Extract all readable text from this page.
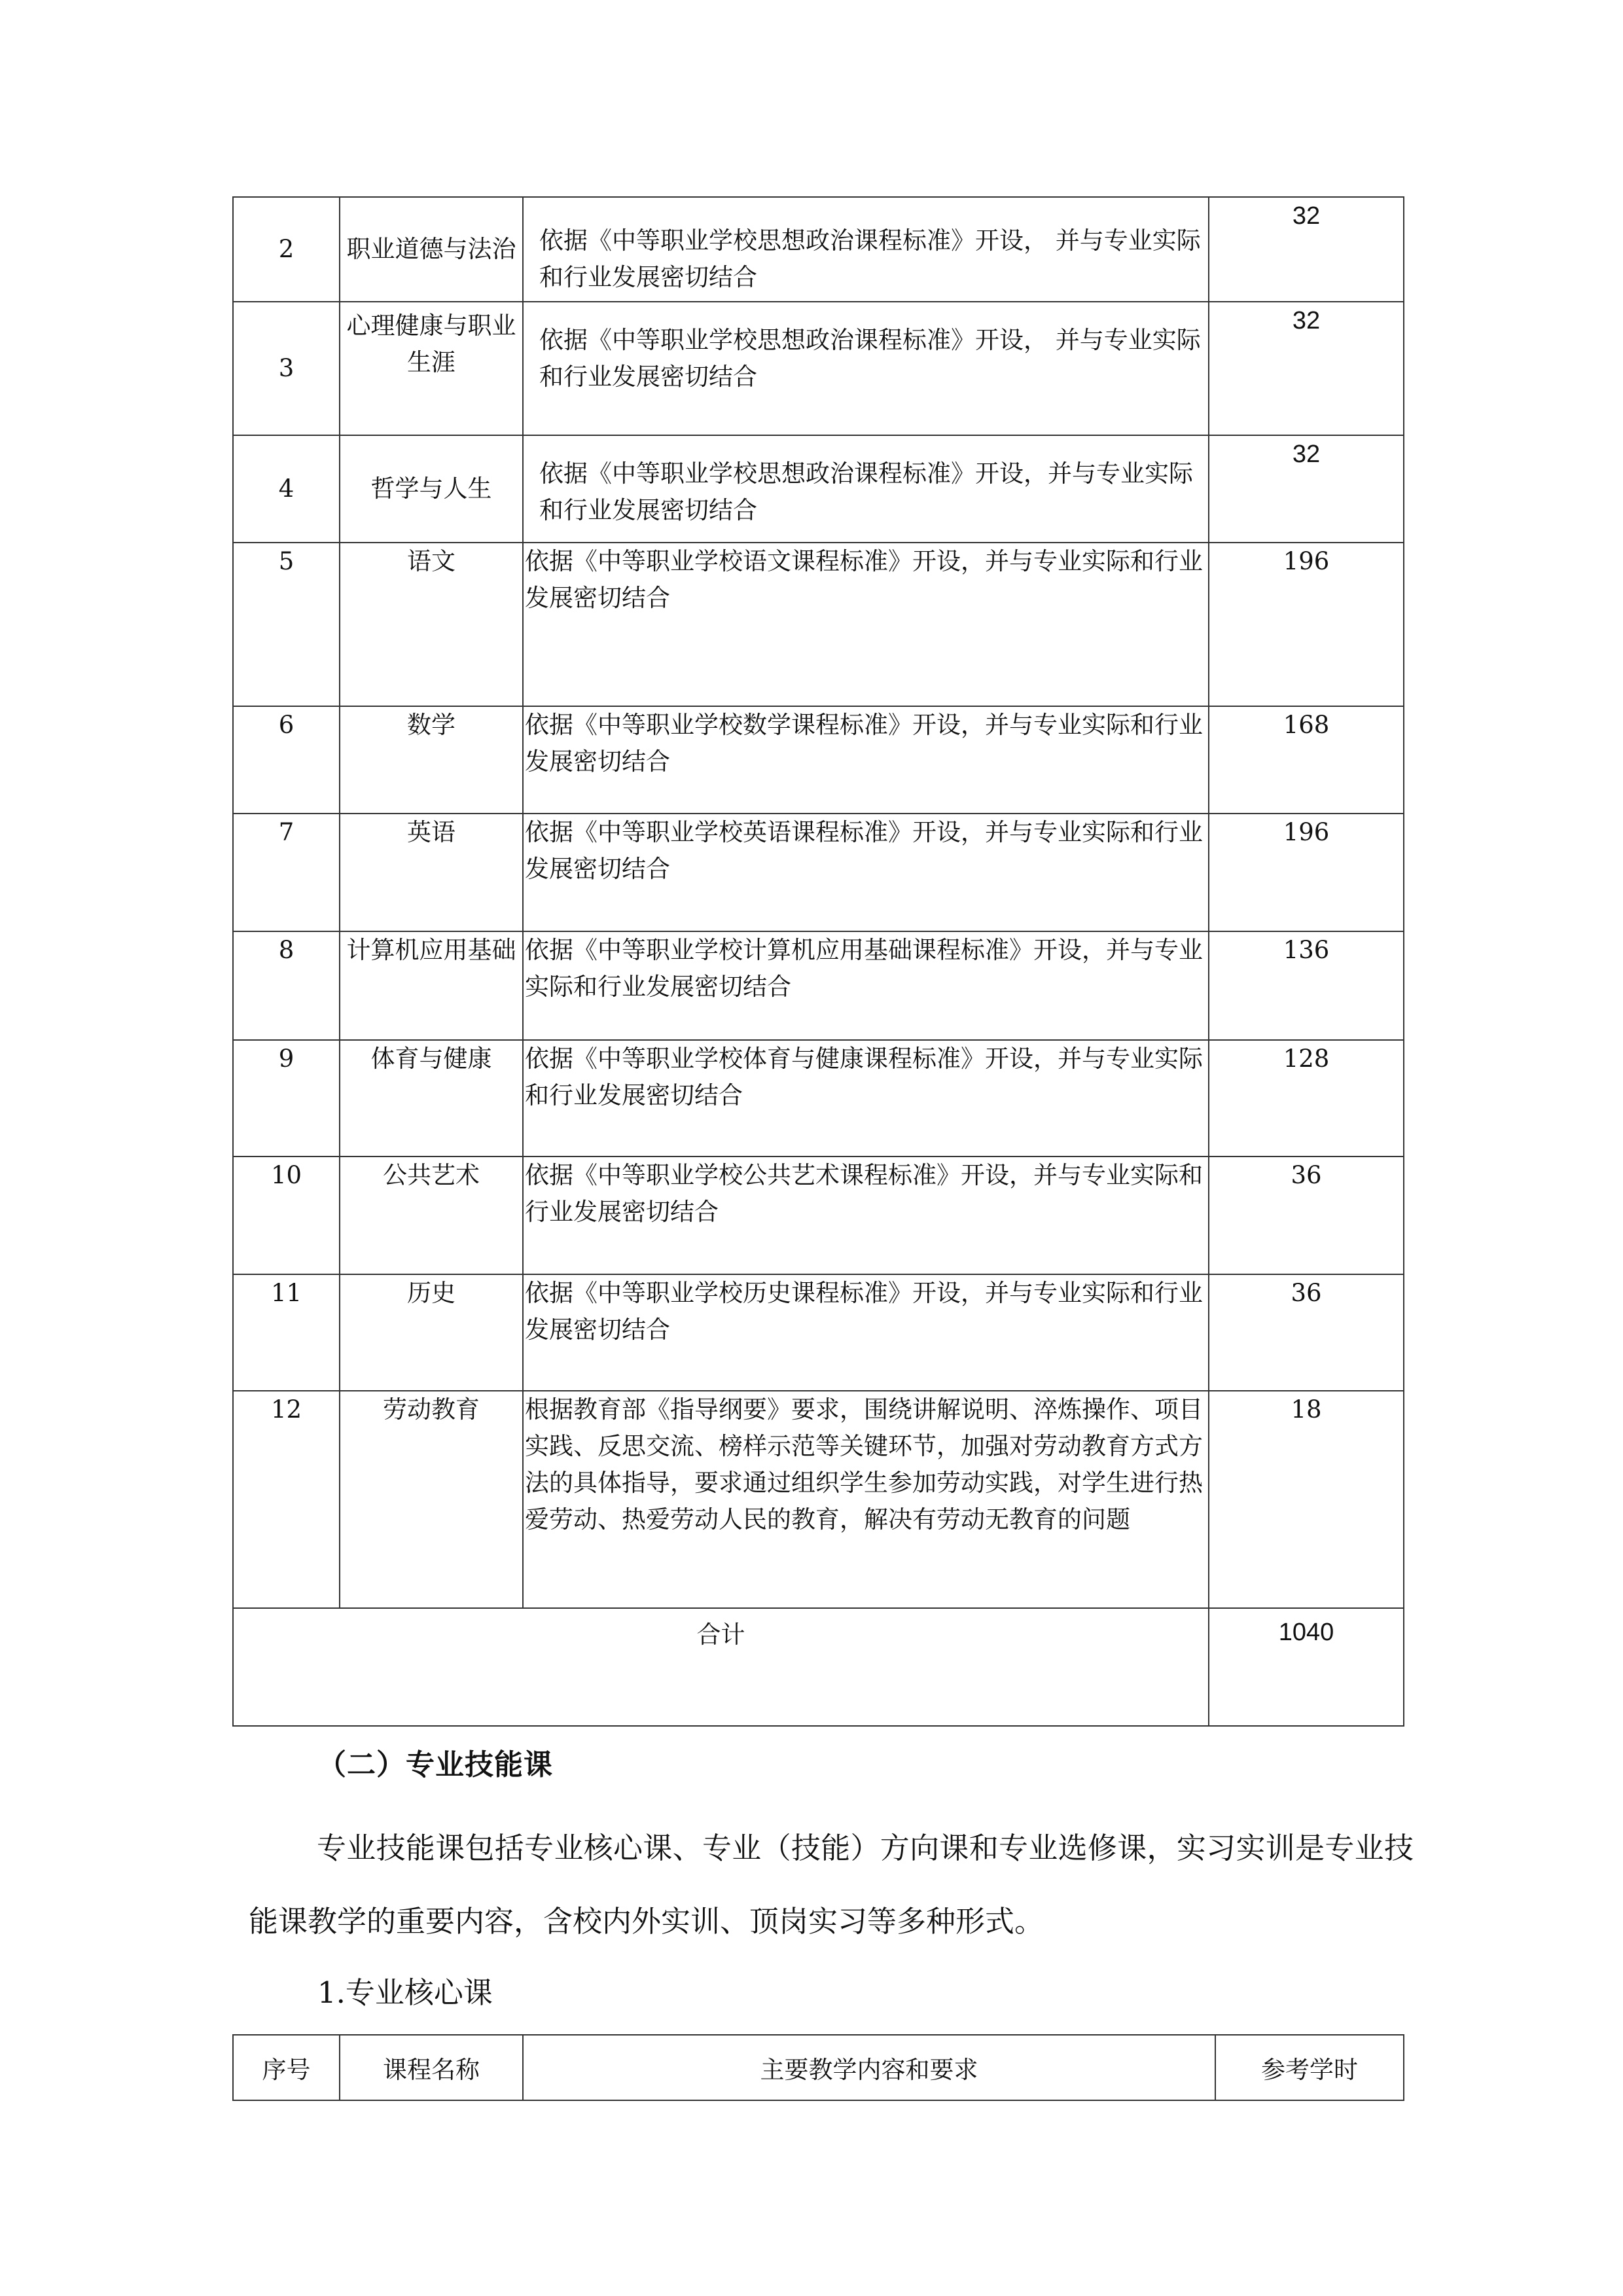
2	职业道德与法治	依据《中等职业学校思想政治课程标准》开设， 并与专业实际和行业发展密切结合	32
3	心理健康与职业生涯	依据《中等职业学校思想政治课程标准》开设， 并与专业实际和行业发展密切结合	32
4	哲学与人生	依据《中等职业学校思想政治课程标准》开设，并与专业实际和行业发展密切结合	32
5	语文	依据《中等职业学校语文课程标准》开设，并与专业实际和行业发展密切结合	196
6	数学	依据《中等职业学校数学课程标准》开设，并与专业实际和行业发展密切结合	168
7	英语	依据《中等职业学校英语课程标准》开设，并与专业实际和行业发展密切结合	196
8	计算机应用基础	依据《中等职业学校计算机应用基础课程标准》开设，并与专业实际和行业发展密切结合	136
9	体育与健康	依据《中等职业学校体育与健康课程标准》开设，并与专业实际和行业发展密切结合	128
10	公共艺术	依据《中等职业学校公共艺术课程标准》开设，并与专业实际和行业发展密切结合	36
11	历史	依据《中等职业学校历史课程标准》开设，并与专业实际和行业发展密切结合	36
12	劳动教育	根据教育部《指导纲要》要求，围绕讲解说明、淬炼操作、项目实践、反思交流、榜样示范等关键环节，加强对劳动教育方式方法的具体指导，要求通过组织学生参加劳动实践，对学生进行热爱劳动、热爱劳动人民的教育，解决有劳动无教育的问题	18
合计			1040
（二）专业技能课
专业技能课包括专业核心课、专业（技能）方向课和专业选修课，实习实训是专业技能课教学的重要内容，含校内外实训、顶岗实习等多种形式。
1.专业核心课
序号	课程名称	主要教学内容和要求	参考学时
